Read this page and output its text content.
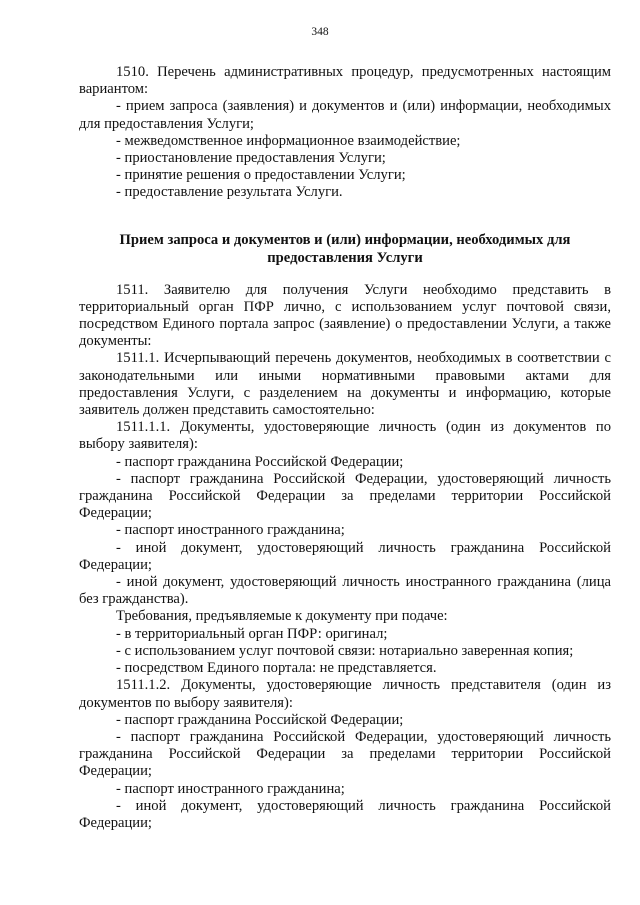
348

1510. Перечень административных процедур, предусмотренных настоящим вариантом:

- прием запроса (заявления) и документов и (или) информации, необходимых для предоставления Услуги;

- межведомственное информационное взаимодействие;

- приостановление предоставления Услуги;

- принятие решения о предоставлении Услуги;

- предоставление результата Услуги.

Прием запроса и документов и (или) информации, необходимых для предоставления Услуги

1511. Заявителю для получения Услуги необходимо представить в территориальный орган ПФР лично, с использованием услуг почтовой связи, посредством Единого портала запрос (заявление) о предоставлении Услуги, а также документы:

1511.1. Исчерпывающий перечень документов, необходимых в соответствии с законодательными или иными нормативными правовыми актами для предоставления Услуги, с разделением на документы и информацию, которые заявитель должен представить самостоятельно:

1511.1.1. Документы, удостоверяющие личность (один из документов по выбору заявителя):

- паспорт гражданина Российской Федерации;

- паспорт гражданина Российской Федерации, удостоверяющий личность гражданина Российской Федерации за пределами территории Российской Федерации;

- паспорт иностранного гражданина;

- иной документ, удостоверяющий личность гражданина Российской Федерации;

- иной документ, удостоверяющий личность иностранного гражданина (лица без гражданства).

Требования, предъявляемые к документу при подаче:

- в территориальный орган ПФР: оригинал;

- с использованием услуг почтовой связи: нотариально заверенная копия;

- посредством Единого портала: не представляется.

1511.1.2. Документы, удостоверяющие личность представителя (один из документов по выбору заявителя):

- паспорт гражданина Российской Федерации;

- паспорт гражданина Российской Федерации, удостоверяющий личность гражданина Российской Федерации за пределами территории Российской Федерации;

- паспорт иностранного гражданина;

- иной документ, удостоверяющий личность гражданина Российской Федерации;
